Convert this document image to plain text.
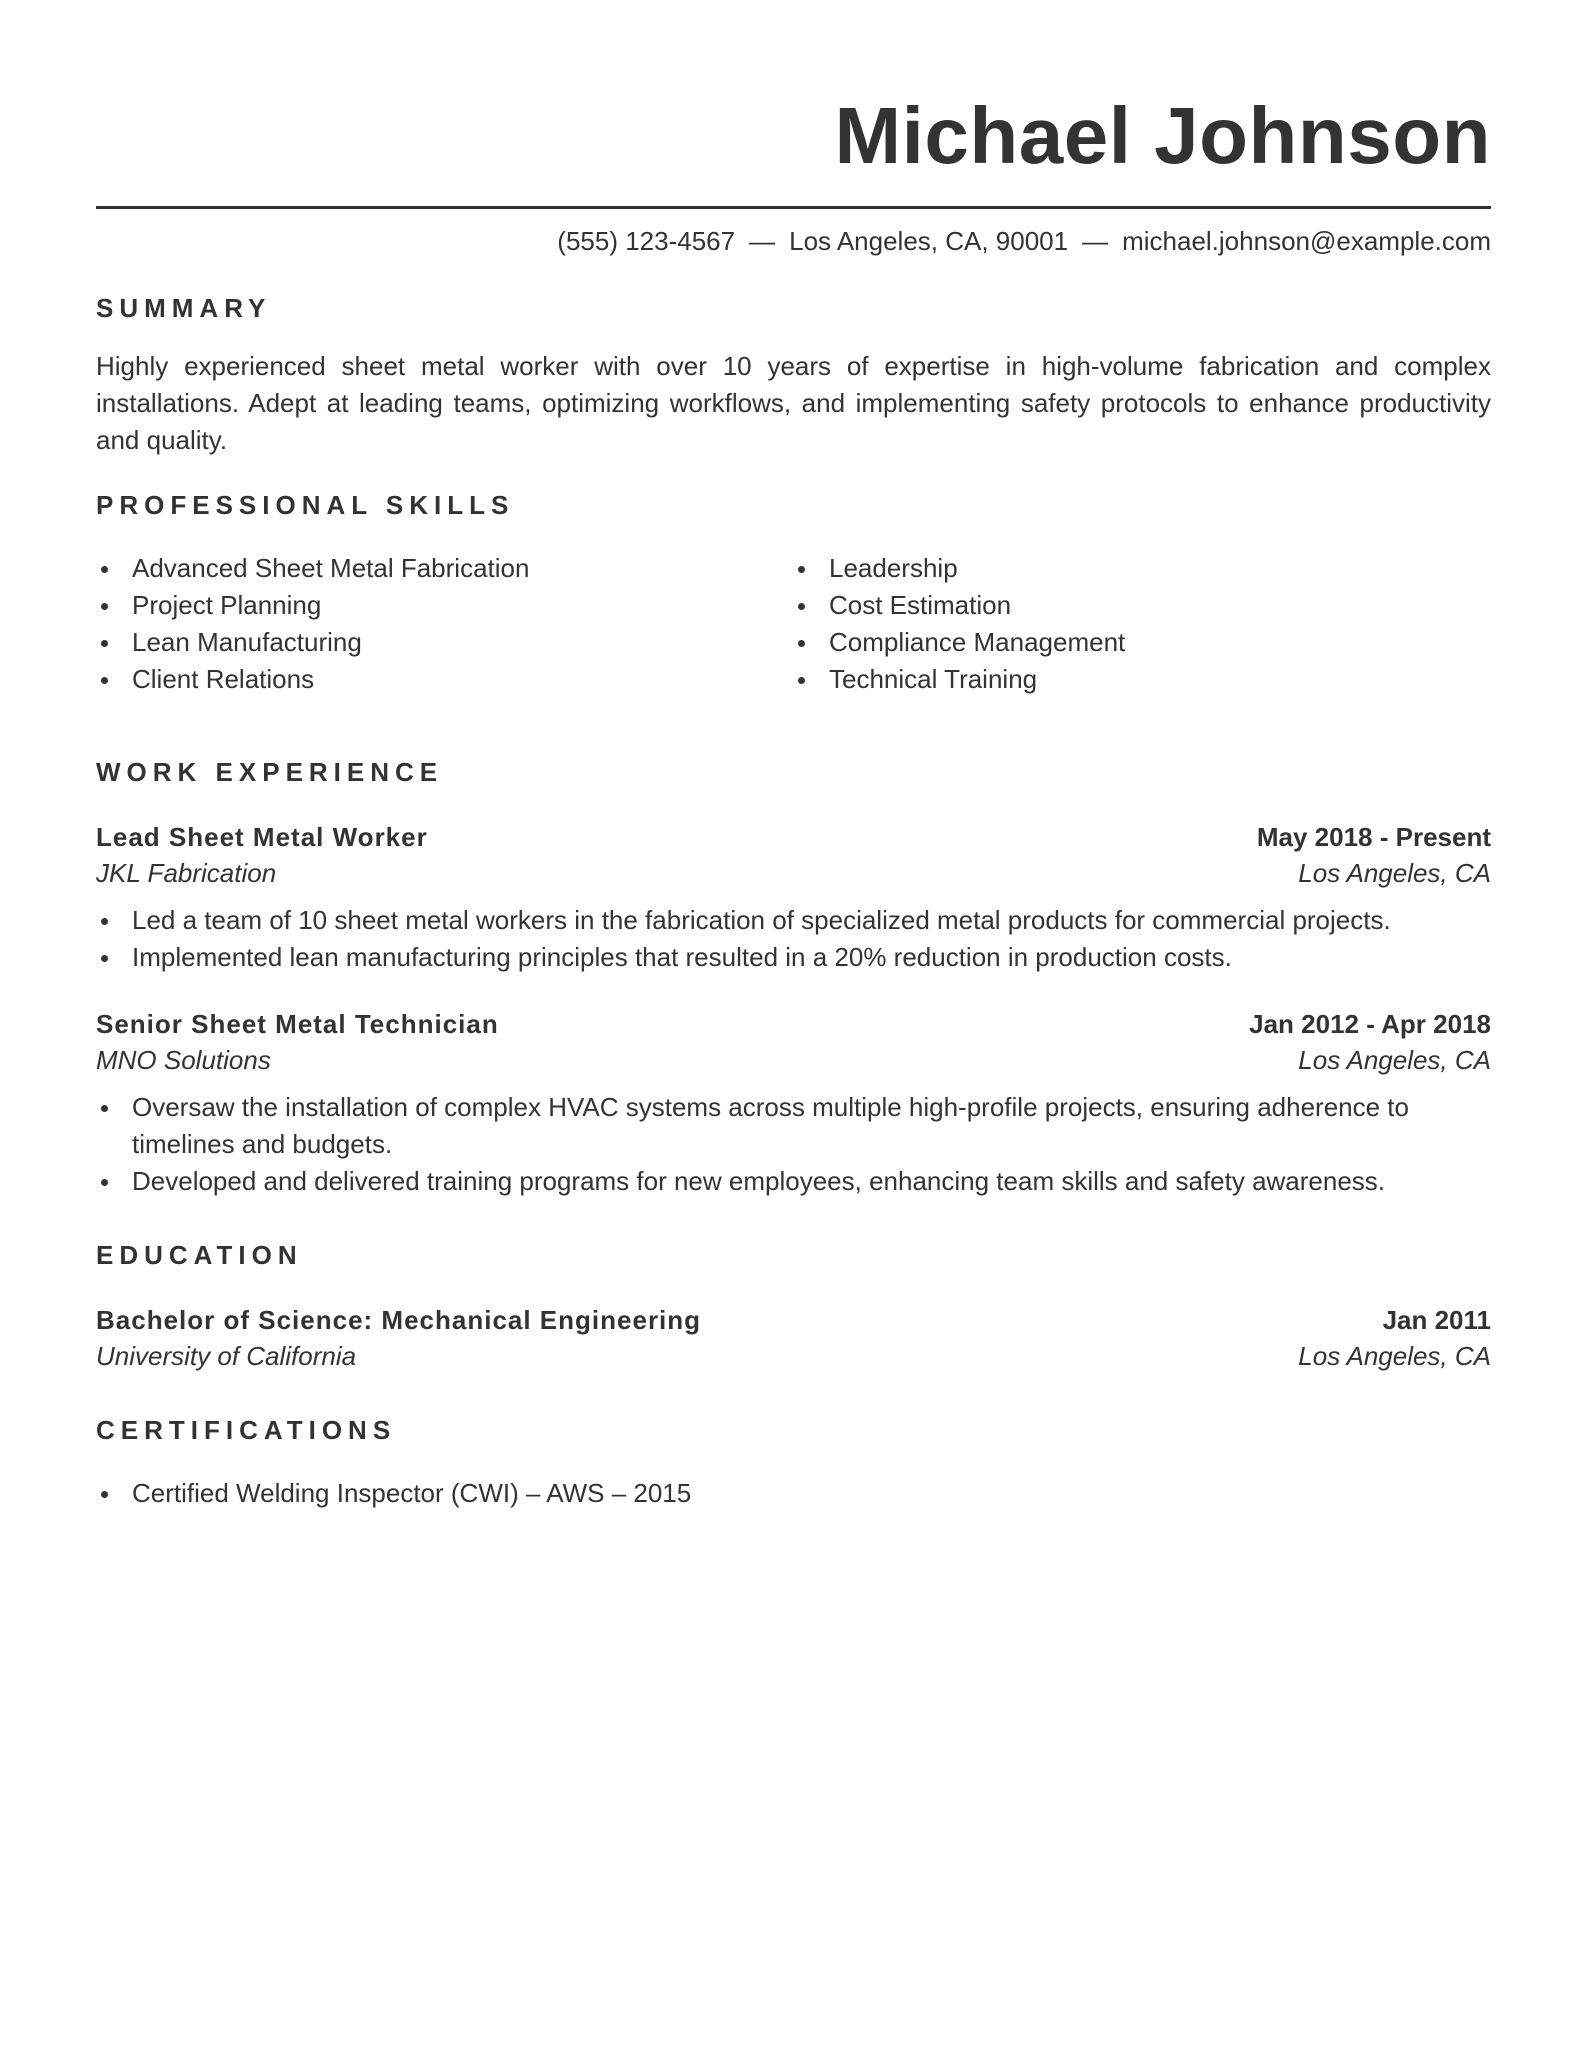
Michael Johnson
(555) 123-4567 — Los Angeles, CA, 90001 — michael.johnson@example.com
SUMMARY
Highly experienced sheet metal worker with over 10 years of expertise in high-volume fabrication and complex installations. Adept at leading teams, optimizing workflows, and implementing safety protocols to enhance productivity and quality.
PROFESSIONAL SKILLS
Advanced Sheet Metal Fabrication
Project Planning
Lean Manufacturing
Client Relations
Leadership
Cost Estimation
Compliance Management
Technical Training
WORK EXPERIENCE
Lead Sheet Metal Worker	May 2018 - Present
JKL Fabrication	Los Angeles, CA
Led a team of 10 sheet metal workers in the fabrication of specialized metal products for commercial projects.
Implemented lean manufacturing principles that resulted in a 20% reduction in production costs.
Senior Sheet Metal Technician	Jan 2012 - Apr 2018
MNO Solutions	Los Angeles, CA
Oversaw the installation of complex HVAC systems across multiple high-profile projects, ensuring adherence to timelines and budgets.
Developed and delivered training programs for new employees, enhancing team skills and safety awareness.
EDUCATION
Bachelor of Science: Mechanical Engineering	Jan 2011
University of California	Los Angeles, CA
CERTIFICATIONS
Certified Welding Inspector (CWI) – AWS – 2015
